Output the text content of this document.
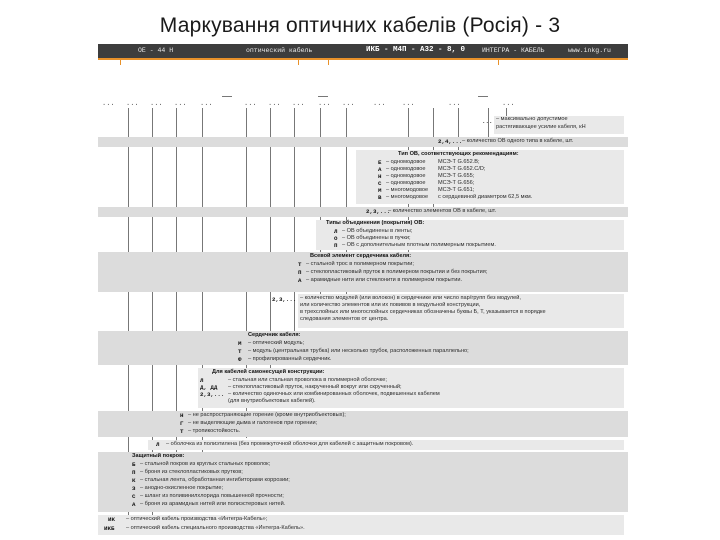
Маркування оптичних кабелів (Росія) - 3
ОЕ - 44 Н	оптический кабель	ИКБ - М4П - А32 - 8, 0	ИНТЕГРА - КАБЕЛЬ	www.inkg.ru
... ... ... ... ...	... ... ... ... ...	... ...	...	...
... – максимально допустимое
растягивающее усилие кабеля, кН
2,4,... – количество ОВ одного типа в кабеле, шт.
Тип ОВ, соответствующих рекомендациям:
Е – одномодовое МСЭ-Т G.652.B;
А – одномодовое МСЭ-Т G.652.C/D;
Н – одномодовое МСЭ-Т G.655;
С – одномодовое МСЭ-Т G.656;
М – многомодовое МСЭ-Т G.651;
В – многомодовое с сердцевиной диаметром 62,5 мкм.
2,3,...
– количество элементов ОВ в кабеле, шт.
Типы объединения (покрытия) ОВ:
Л – ОВ объединены в ленты;
О – ОВ объединены в пучки;
П – ОВ с дополнительным плотным полимерным покрытием.
Всевой элемент сердечника кабеля:
Т – стальной трос в полимерном покрытии;
П – стеклопластиковый пруток в полимерном покрытии и без покрытия;
А – арамидные нити или стеклонити в полимерном покрытии.
2,3,... – количество модулей (или волокон) в сердечнике или число пар/групп без модулей,
или количество элементов или их повивов в модульной конструкции,
в трехслойных или многослойных сердечниках обозначены буквы Б, Т, указывается в порядке
следования элементов от центра.
Сердечник кабеля:
М – оптический модуль;
Т – модуль (центральная трубка) или несколько трубок, расположенных параллельно;
Ф – профилированный сердечник.
Для кабелей самонесущей конструкции:
Л	– стальная или стальная проволока в полимерной оболочке;
Д, ДД – стеклопластиковый пруток, накрученный вокруг или скрученный;
2,3,... – количество одиночных или комбинированных оболочек, подвешенных кабелем
(для внутриобъектовых кабелей).
Н – не распространяющие горение (кроме внутриобъектовых);
Г – не выделяющие дыма и галогенов при горении;
Т – тропикостойкость.
Л – оболочка из полиэтилена (без промежуточной оболочки для кабелей с защитным покровом).
Защитный покров:
Б – стальной покров из круглых стальных проволок;
П – броня из стеклопластиковых прутков;
К – стальная лента, обработанная ингибиторами коррозии;
З – анодно-окисленное покрытие;
С – шланг из поливинилхлорида повышенной прочности;
А – броня из арамидных нитей или полиэстеровых нитей.
ИК – оптический кабель производства «Интегра-Кабель»;
ИКБ – оптический кабель специального производства «Интегра-Кабель».
